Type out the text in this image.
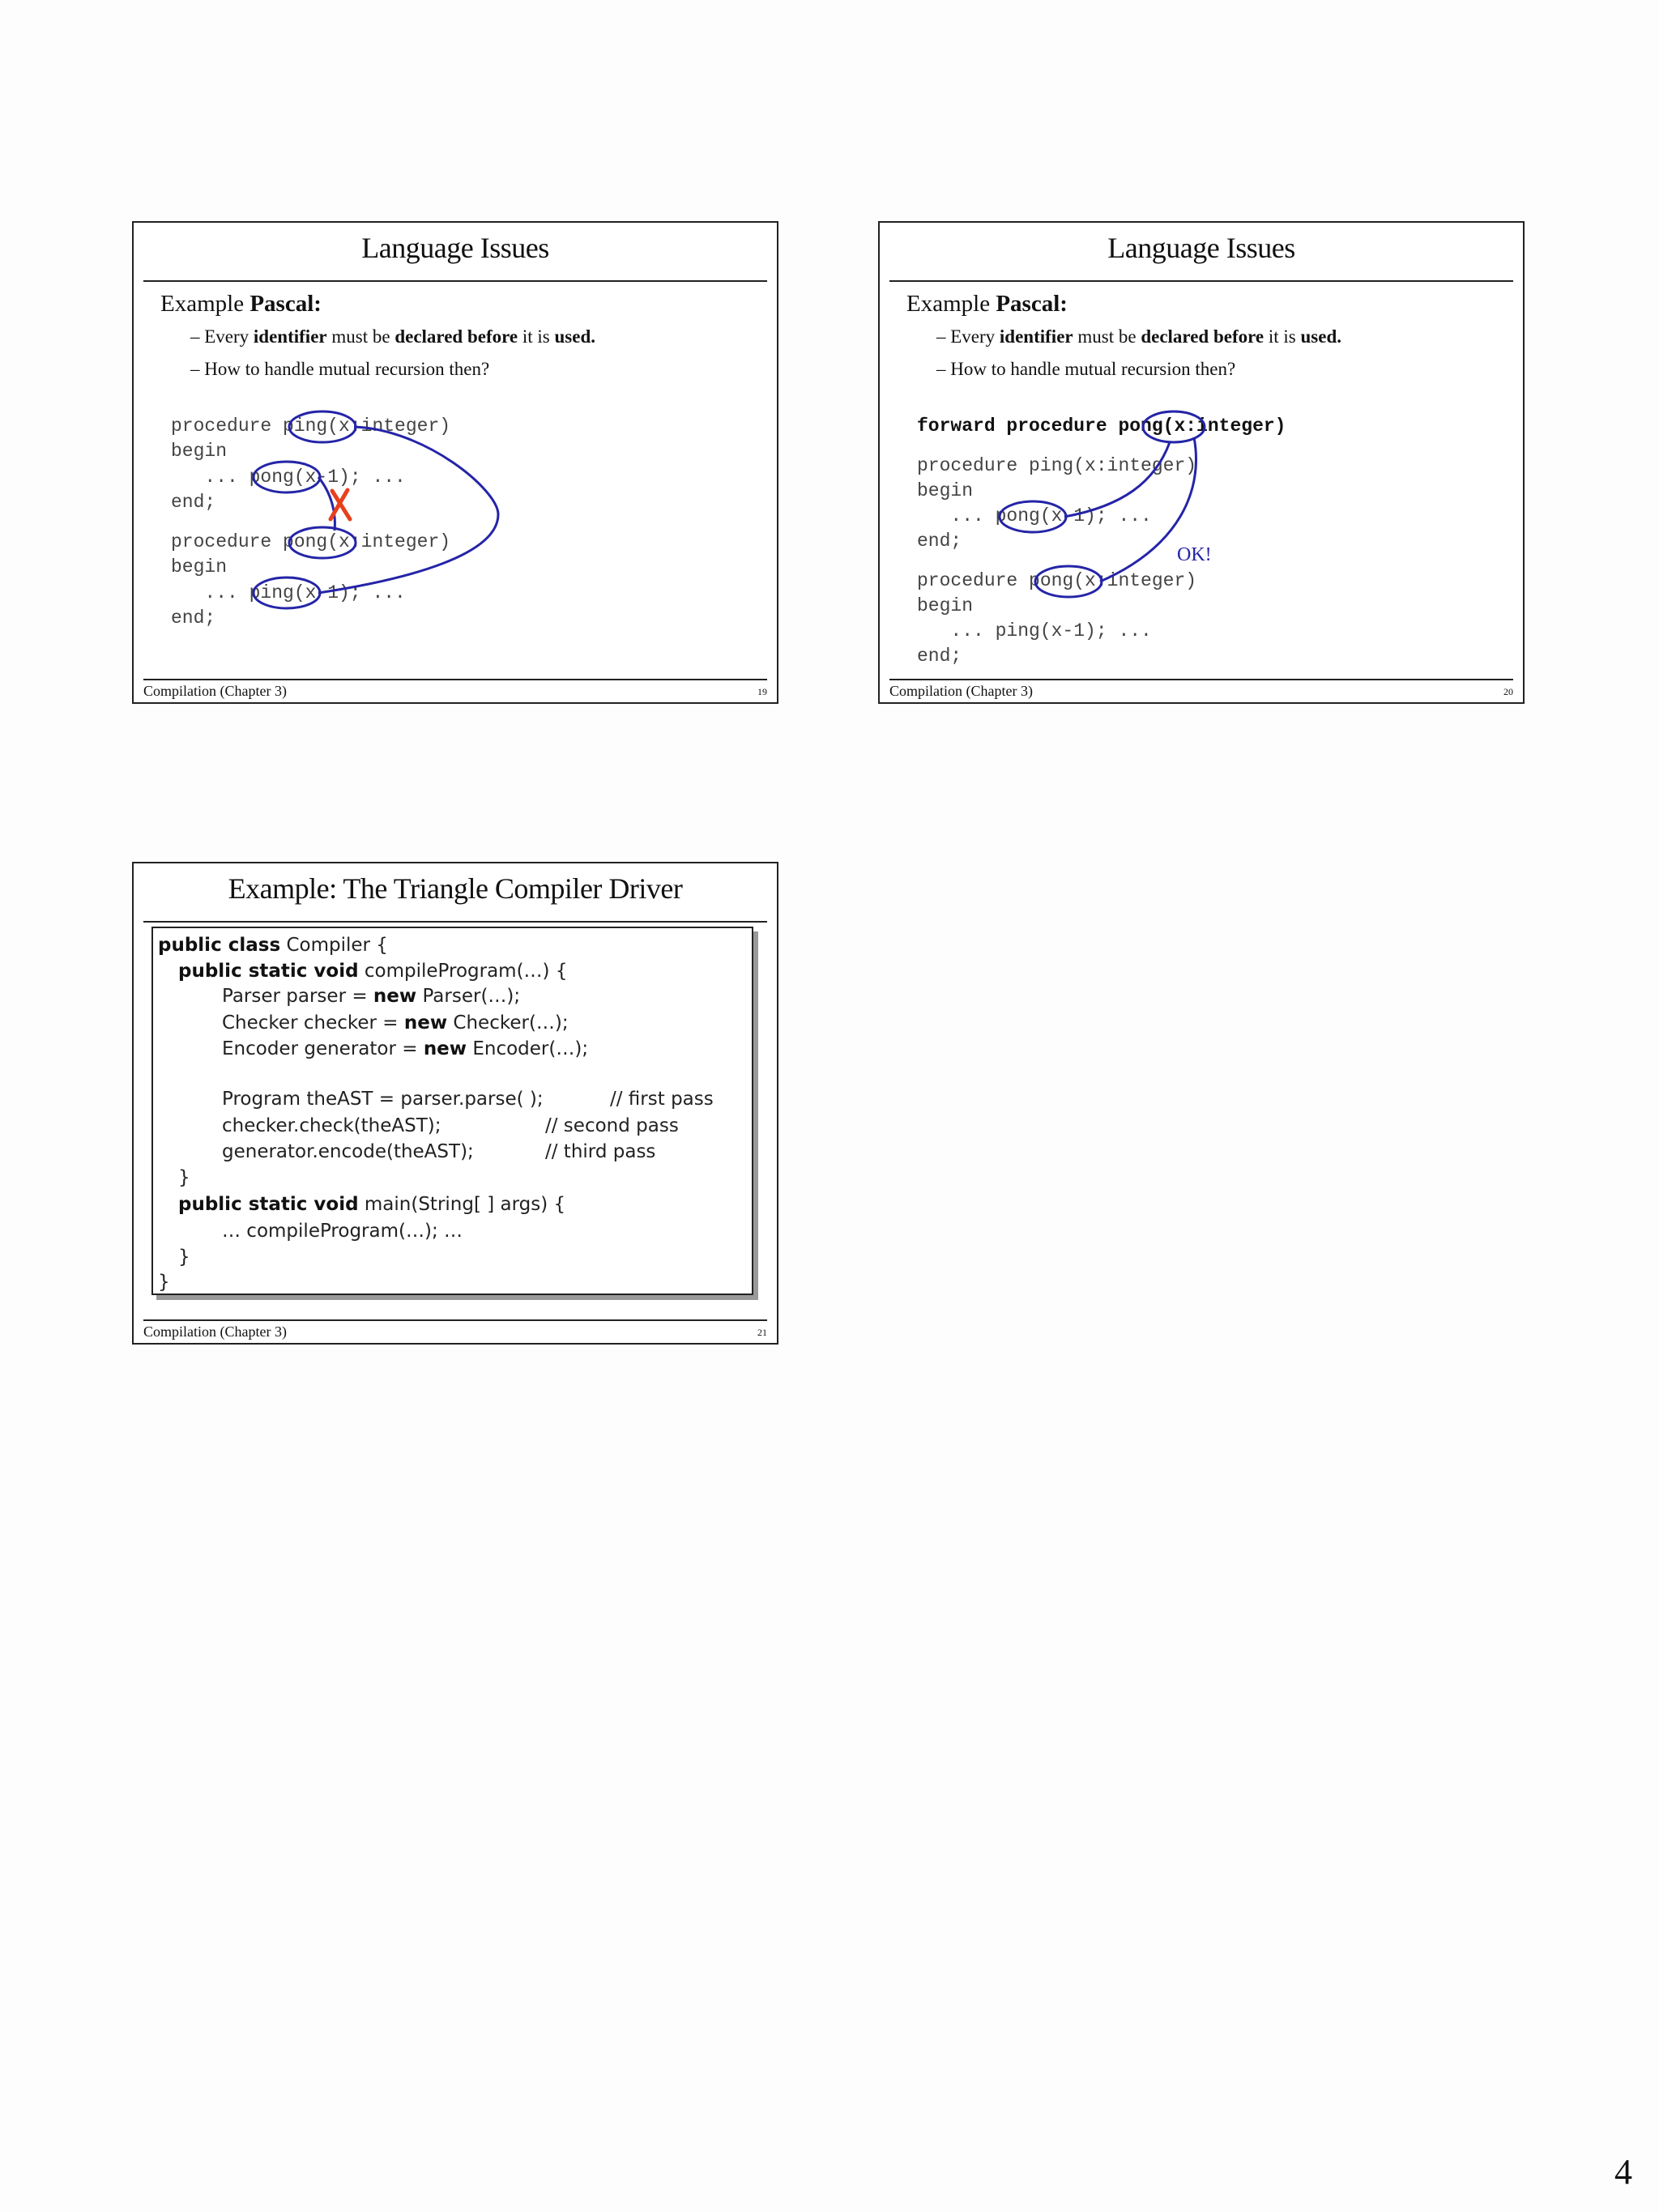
Language Issues
Example Pascal:
– Every identifier must be declared before it is used.
– How to handle mutual recursion then?
procedure ping(x:integer)
begin
... pong(x-1); ...
end;
procedure pong(x:integer)
begin
... ping(x-1); ...
end;
Compilation (Chapter 3)	19
Language Issues
Example Pascal:
– Every identifier must be declared before it is used.
– How to handle mutual recursion then?
forward procedure pong(x:integer)
procedure ping(x:integer)
begin
... pong(x-1); ...
end;
procedure pong(x:integer)
begin
... ping(x-1); ...
end;
OK!
Compilation (Chapter 3)	20
Example: The Triangle Compiler Driver
public class Compiler {
public static void compileProgram(…) {
Parser parser = new Parser(…);
Checker checker = new Checker(…);
Encoder generator = new Encoder(…);
Program theAST = parser.parse( );	// first pass
checker.check(theAST);	// second pass
generator.encode(theAST);	// third pass
}
public static void main(String[ ] args) {
… compileProgram(…); …
}
}
Compilation (Chapter 3)	21
4
